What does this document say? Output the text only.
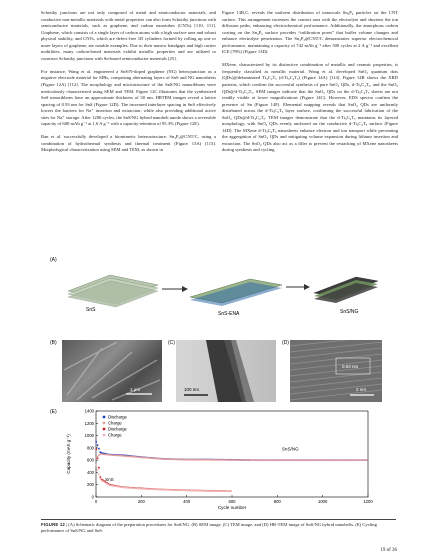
Schottky junctions are not only composed of metal and semiconductor materials, and conductive non-metallic materials with metal properties can also form Schottky junctions with semiconductor materials, such as graphene, and carbon nanotubes (CNTs) [110, 111]. Graphene, which consists of a single layer of carbon atoms with a high surface area and robust physical stability, and CNTs, which are defect-free 1D cylinders formed by rolling up one or more layers of graphene, are notable examples. Due to their narrow bandgaps and high carrier mobilities, many carbon-based materials exhibit metallic properties and are utilized to construct Schottky junctions with Sn-based semiconductor materials [25].

For instance, Wang et al. engineered a SnS/N-doped graphene (NG) heterojunction as a negative electrode material for SIBs, comprising alternating layers of SnS and NG nanosheets (Figure 12A) [112]. The morphology and microstructure of the SnS/NG nanoribbons were meticulously characterized using SEM and TEM. Figure 12C illustrates that the synthesized SnS nanoribbons have an approximate thickness of 30 nm. HRTEM images reveal a lattice spacing of 0.93 nm for SnS (Figure 12D). The increased interlayer spacing in SnS effectively lowers the barriers for Na⁺ insertion and extraction, while also providing additional active sites for Na⁺ storage. After 1200 cycles, the SnS/NG hybrid nanobelt anode shows a reversible capacity of 600 mAh g⁻¹ at 1.6 A g⁻¹ with a capacity retention of 95.3% (Figure 12E).

Ran et al. successfully developed a biomimetic heterostructure, Sn₄P₃@CNT/C, using a combination of hydrothermal synthesis and thermal treatment (Figure 13A) [113]. Morphological characterization using SEM and TEM, as shown in

Figure 13B,C, reveals the uniform distribution of nanoscale Sn₄P₃ particles on the CNT surface. This arrangement increases the contact area with the electrolyte and shortens the ion diffusion paths, enhancing electrochemical performance. Additionally, the amorphous carbon coating on the Sn₄P₃ surface provides “infiltration pores” that buffer volume changes and enhance electrolyte penetration. The Sn₄P₃@CNT/C demonstrates superior electrochemical performance, maintaining a capacity of 742 mAh g⁻¹ after 500 cycles at 2 A g⁻¹ and excellent ICE (78%) (Figure 13D).

MXene, characterized by its distinctive combination of metallic and ceramic properties, is frequently classified as metallic material. Wang et al. developed SnO₂ quantum dots (QDs)@delaminated Ti₃C₂Tₓ (d-Ti₃C₂Tₓ) (Figure 14A) [114]. Figure 14B shows the XRD patterns, which confirm the successful synthesis of pure SnO₂ QDs, d-Ti₃C₂Tₓ, and the SnO₂ QDs@d-Ti₃C₂Tₓ. SEM images indicate that the SnO₂ QDs on the d-Ti₃C₂Tₓ sheets are not readily visible at lower magnifications (Figure 14C). However, EDS spectra confirm the presence of Sn (Figure 14F). Elemental mapping reveals that SnO₂ QDs are uniformly distributed across the d-Ti₃C₂Tₓ layer surface, confirming the successful fabrication of the SnO₂ QDs@d-Ti₃C₂Tₓ. TEM images demonstrate that the d-Ti₃C₂Tₓ maintains its layered morphology, with SnO₂ QDs evenly anchored on the conductive d-Ti₃C₂Tₓ surface (Figure 14D). The MXene d-Ti₃C₂Tₓ nanosheets enhance electron and ion transport while preventing the aggregation of SnO₂ QDs and mitigating volume expansion during lithium insertion and extraction. The SnO₂ QDs also act as a filler to prevent the restacking of MXene nanosheets during synthesis and cycling.

(A)
SnS
SnS-ENA	SnS/NG
(B)
1 μm
(C)
100 nm
(D)
0.93 nm
2 nm
(E)
0
200
400
600
800
1000
1200
1400
0	200	400	600	800	1000	1200
Cycle number
Capacity (mAh g⁻¹)
Discharge
Charge
Discharge
Charge
SnS/NG
SnS
FIGURE 12 | (A) Schematic diagram of the preparation procedures for SnS/NG. (B) SEM image, (C) TEM image, and (D) HR-TEM image of SnS/NG hybrid nanobelts. (E) Cycling performance of SnS/NG and SnS.
19 of 36
